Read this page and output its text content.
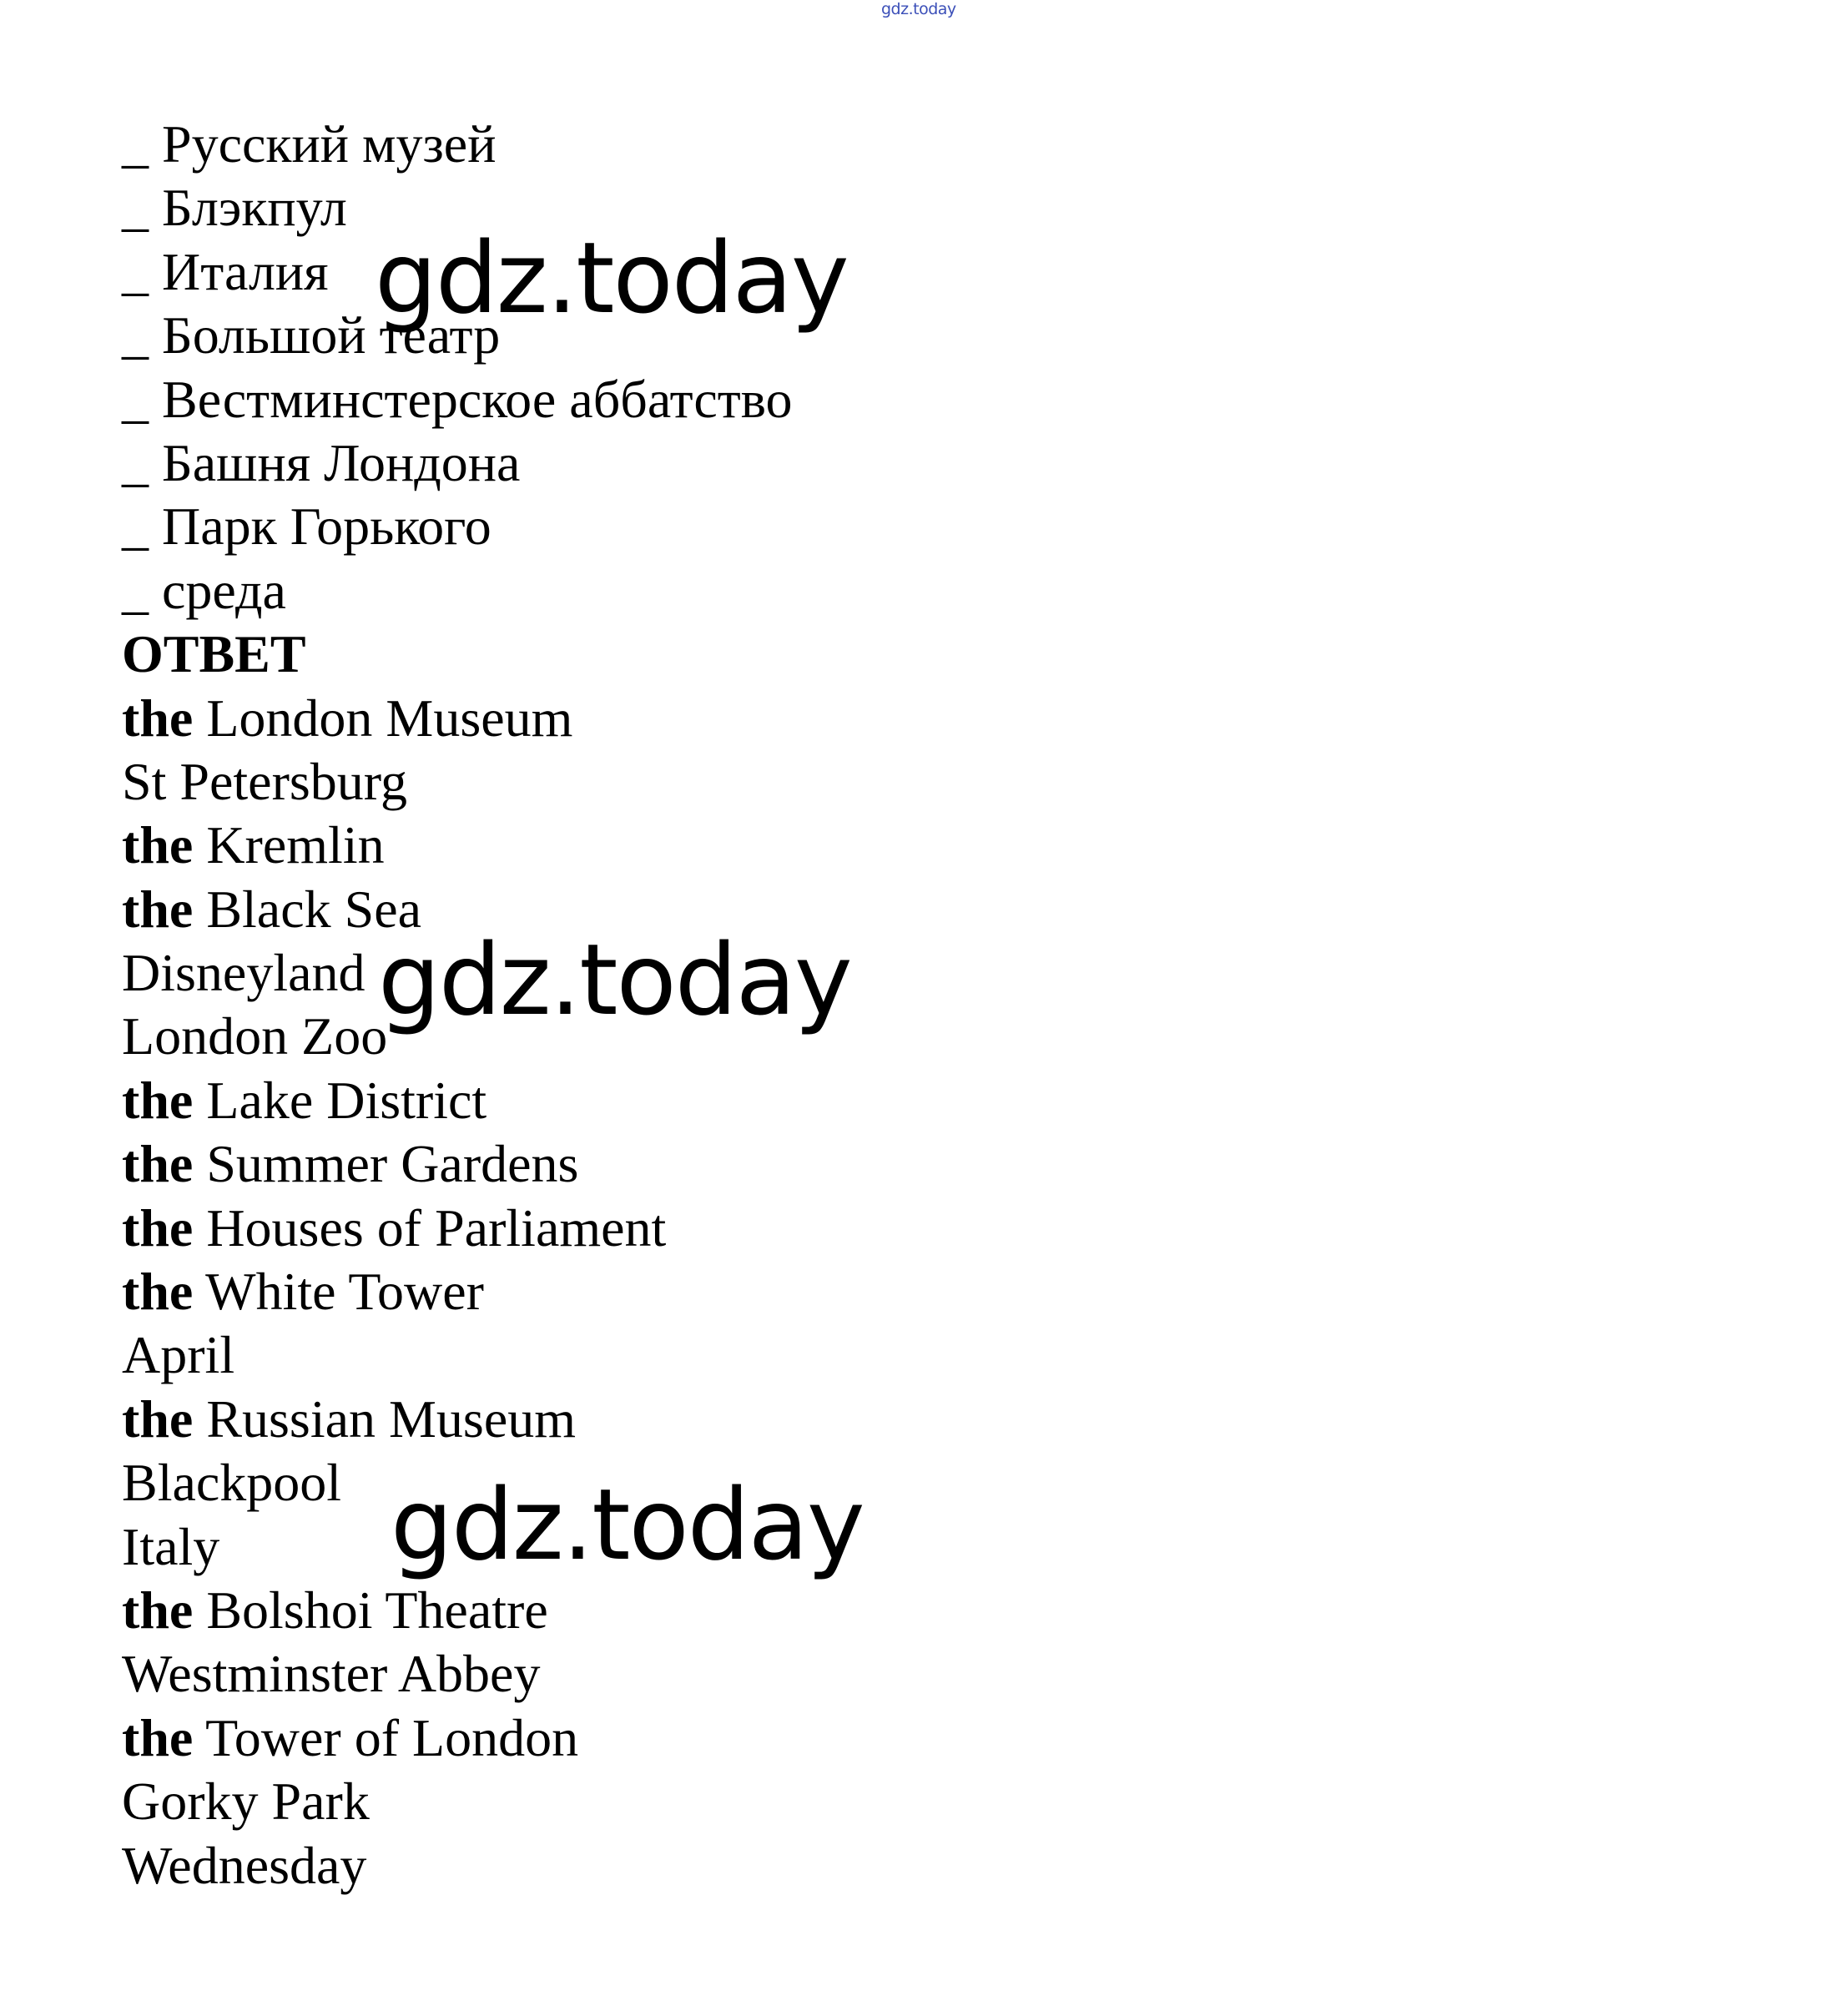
gdz.today
_ Русский музей
_ Блэкпул
_ Италия
_ Большой театр
_ Вестминстерское аббатство
_ Башня Лондона
_ Парк Горького
_ среда
ОТВЕТ
the London Museum
St Petersburg
the Kremlin
the Black Sea
Disneyland
London Zoo
the Lake District
the Summer Gardens
the Houses of Parliament
the White Tower
April
the Russian Museum
Blackpool
Italy
the Bolshoi Theatre
Westminster Abbey
the Tower of London
Gorky Park
Wednesday
gdz.today
gdz.today
gdz.today
